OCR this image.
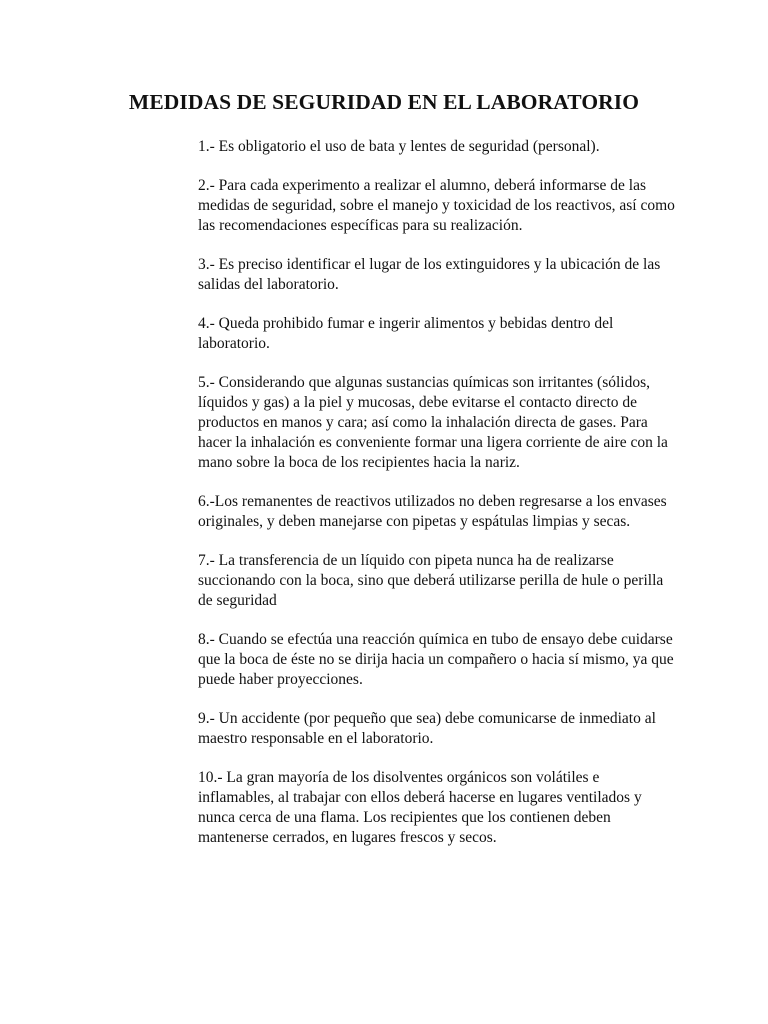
MEDIDAS DE SEGURIDAD EN EL LABORATORIO
1.- Es obligatorio el uso de bata y lentes de seguridad (personal).
2.- Para cada experimento a realizar el alumno, deberá informarse de las medidas de seguridad, sobre el manejo y toxicidad de los reactivos, así como las recomendaciones específicas para su realización.
3.- Es preciso identificar el lugar de los extinguidores y la ubicación de las salidas del laboratorio.
4.- Queda prohibido fumar e ingerir alimentos y bebidas dentro del laboratorio.
5.- Considerando que algunas sustancias químicas son irritantes (sólidos, líquidos y gas) a la piel y mucosas, debe evitarse el contacto directo de productos en manos y cara; así como la inhalación directa de gases. Para hacer la inhalación es conveniente formar una ligera corriente de aire con la mano sobre la boca de los recipientes hacia la nariz.
6.-Los remanentes de reactivos utilizados no deben regresarse a los envases originales, y deben manejarse con pipetas y espátulas limpias y secas.
7.- La transferencia de un líquido con pipeta nunca ha de realizarse succionando con la boca, sino que deberá utilizarse perilla de hule o perilla de seguridad
8.- Cuando se efectúa una reacción química en tubo de ensayo debe cuidarse que la boca de éste no se dirija hacia un compañero o hacia sí mismo, ya que puede haber proyecciones.
9.- Un accidente (por pequeño que sea) debe comunicarse de inmediato al maestro responsable en el laboratorio.
10.- La gran mayoría de los disolventes orgánicos son volátiles e inflamables, al trabajar con ellos deberá hacerse en lugares ventilados y nunca cerca de una flama. Los recipientes que los contienen deben mantenerse cerrados, en lugares frescos y secos.
